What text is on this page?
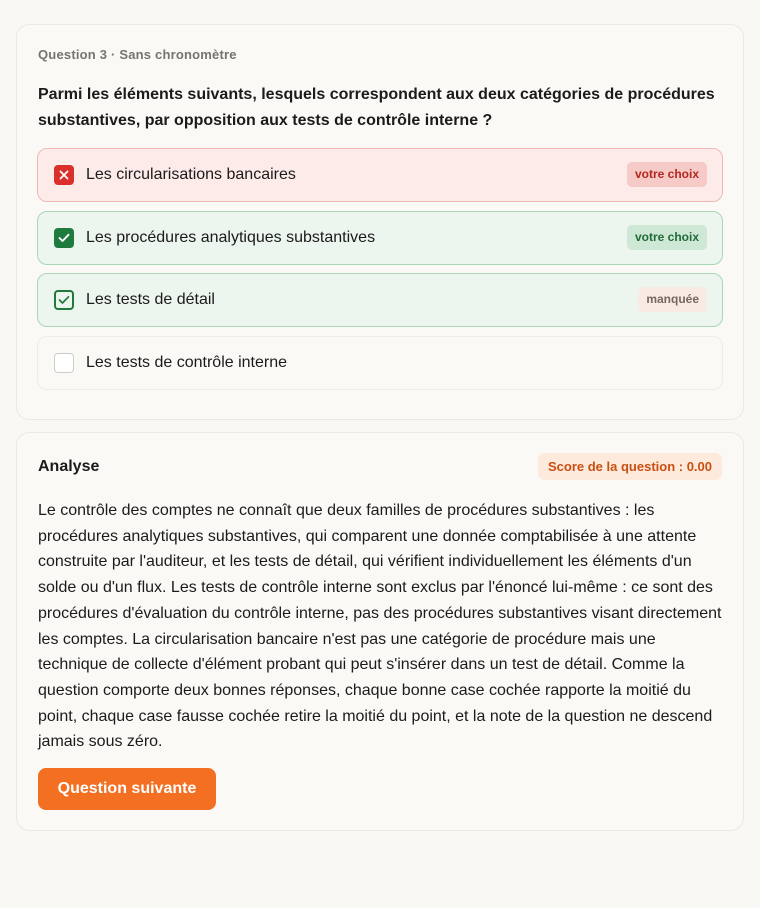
Question 3 · Sans chronomètre
Parmi les éléments suivants, lesquels correspondent aux deux catégories de procédures substantives, par opposition aux tests de contrôle interne ?
Les circularisations bancaires	votre choix
Les procédures analytiques substantives	votre choix
Les tests de détail	manquée
Les tests de contrôle interne
Analyse	Score de la question : 0.00
Le contrôle des comptes ne connaît que deux familles de procédures substantives : les procédures analytiques substantives, qui comparent une donnée comptabilisée à une attente construite par l'auditeur, et les tests de détail, qui vérifient individuellement les éléments d'un solde ou d'un flux. Les tests de contrôle interne sont exclus par l'énoncé lui-même : ce sont des procédures d'évaluation du contrôle interne, pas des procédures substantives visant directement les comptes. La circularisation bancaire n'est pas une catégorie de procédure mais une technique de collecte d'élément probant qui peut s'insérer dans un test de détail. Comme la question comporte deux bonnes réponses, chaque bonne case cochée rapporte la moitié du point, chaque case fausse cochée retire la moitié du point, et la note de la question ne descend jamais sous zéro.
Question suivante
